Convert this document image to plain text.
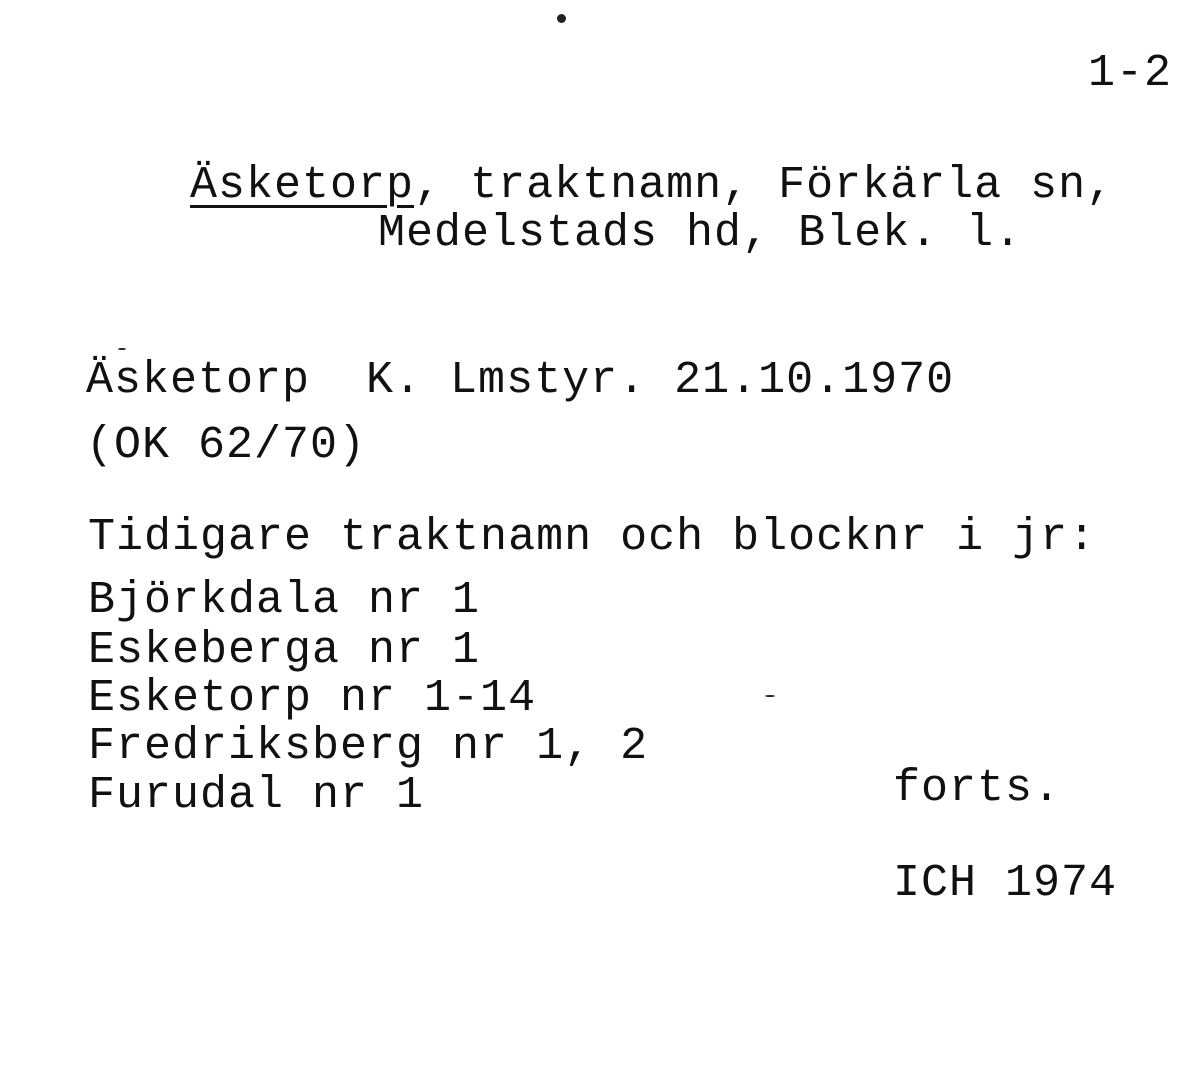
1-2

Äsketorp, traktnamn, Förkärla sn,

Medelstads hd, Blek. l.
Äsketorp  K. Lmstyr. 21.10.1970
(OK 62/70)
Tidigare traktnamn och blocknr i jr:
Björkdala nr 1
Eskeberga nr 1
Esketorp nr 1-14
Fredriksberg nr 1, 2
Furudal nr 1	forts.
ICH 1974
